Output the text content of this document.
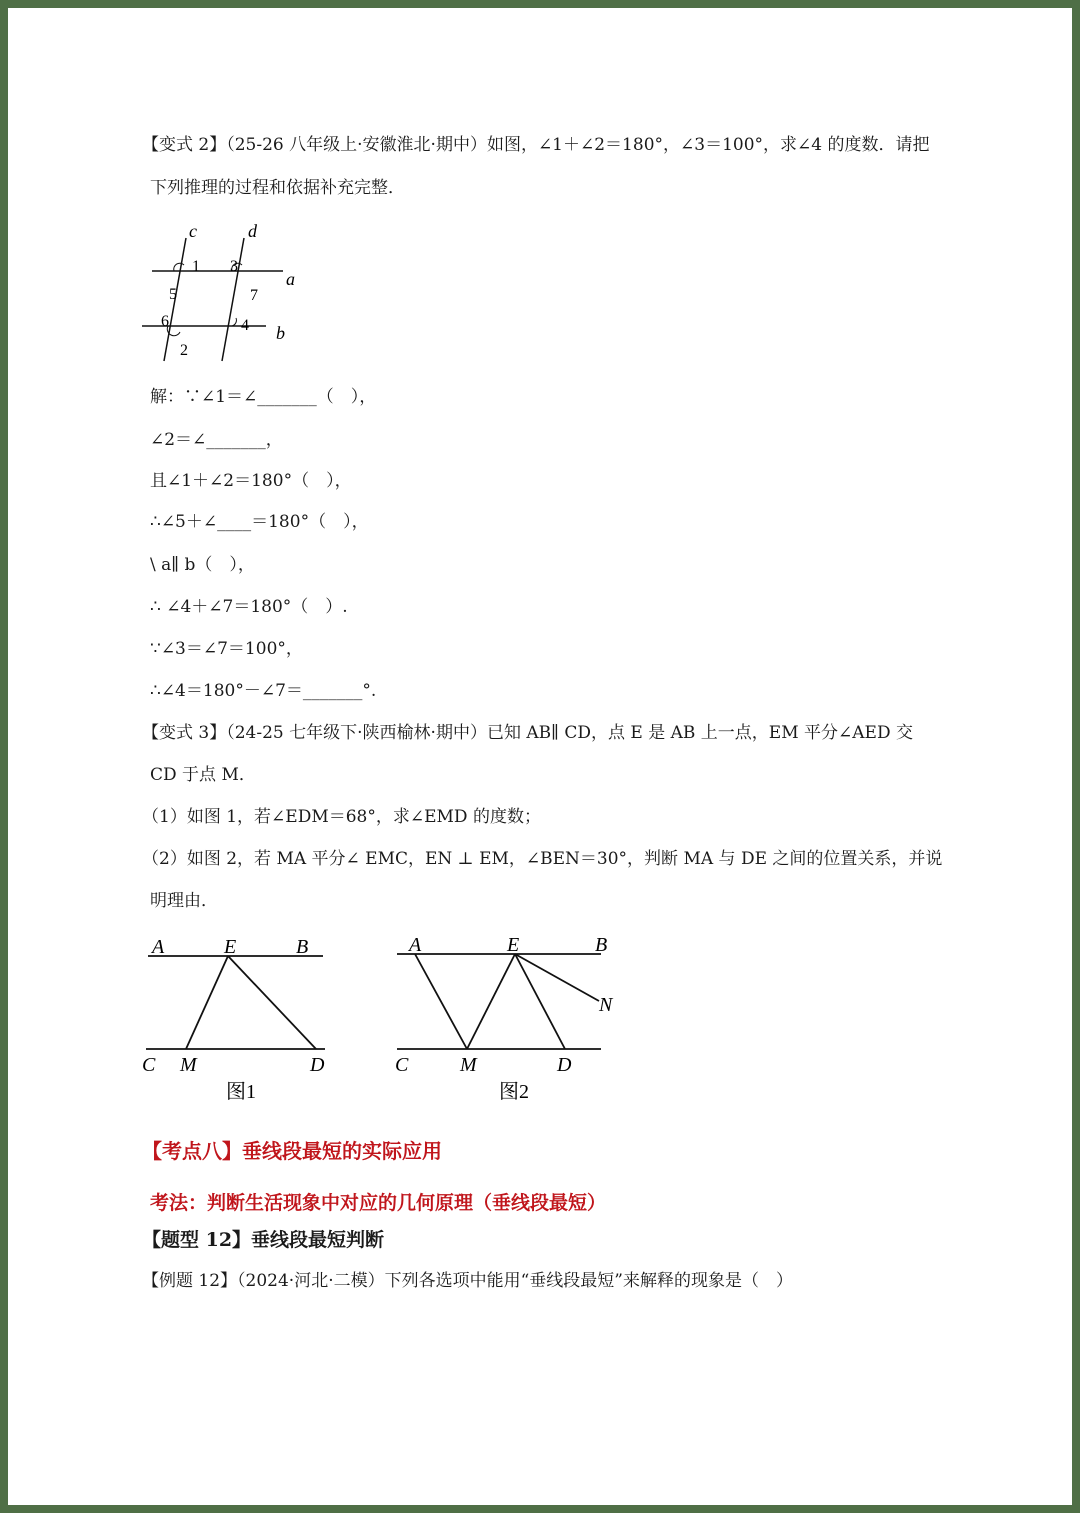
【变式 2】（25-26 八年级上·安徽淮北·期中）如图，∠1＋∠2＝180°，∠3＝100°，求∠4 的度数．请把
下列推理的过程和依据补充完整．
c	d
a
b
1 3
5	7
6	4
2
解：∵∠1＝∠_______（　），
∠2＝∠_______，
且∠1＋∠2＝180°（　），
∴∠5＋∠____＝180°（　），
\ a∥ b（　），
∴ ∠4＋∠7＝180°（　）.
∵∠3＝∠7＝100°，
∴∠4＝180°－∠7＝_______°.
【变式 3】（24-25 七年级下·陕西榆林·期中）已知 AB∥ CD，点 E 是 AB 上一点，EM 平分∠AED 交
CD 于点 M．
（1）如图 1，若∠EDM＝68°，求∠EMD 的度数；
（2）如图 2，若 MA 平分∠ EMC，EN ⊥ EM，∠BEN＝30°，判断 MA 与 DE 之间的位置关系，并说
明理由．
A	E	B
C M	D
图1
A	E	B
N
C	M	D
图2
【考点八】垂线段最短的实际应用
考法：判断生活现象中对应的几何原理（垂线段最短）
【题型 12】垂线段最短判断
【例题 12】（2024·河北·二模）下列各选项中能用“垂线段最短”来解释的现象是（　）
